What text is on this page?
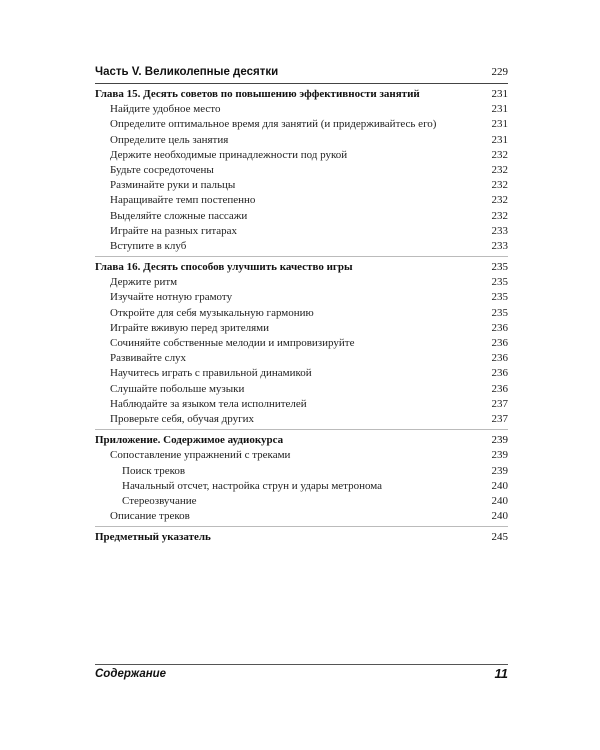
Часть V. Великолепные десятки	229
Глава 15. Десять советов по повышению эффективности занятий	231
Найдите удобное место	231
Определите оптимальное время для занятий (и придерживайтесь его)	231
Определите цель занятия	231
Держите необходимые принадлежности под рукой	232
Будьте сосредоточены	232
Разминайте руки и пальцы	232
Наращивайте темп постепенно	232
Выделяйте сложные пассажи	232
Играйте на разных гитарах	233
Вступите в клуб	233
Глава 16. Десять способов улучшить качество игры	235
Держите ритм	235
Изучайте нотную грамоту	235
Откройте для себя музыкальную гармонию	235
Играйте вживую перед зрителями	236
Сочиняйте собственные мелодии и импровизируйте	236
Развивайте слух	236
Научитесь играть с правильной динамикой	236
Слушайте побольше музыки	236
Наблюдайте за языком тела исполнителей	237
Проверьте себя, обучая других	237
Приложение. Содержимое аудиокурса	239
Сопоставление упражнений с треками	239
Поиск треков	239
Начальный отсчет, настройка струн и удары метронома	240
Стереозвучание	240
Описание треков	240
Предметный указатель	245
Содержание	11
